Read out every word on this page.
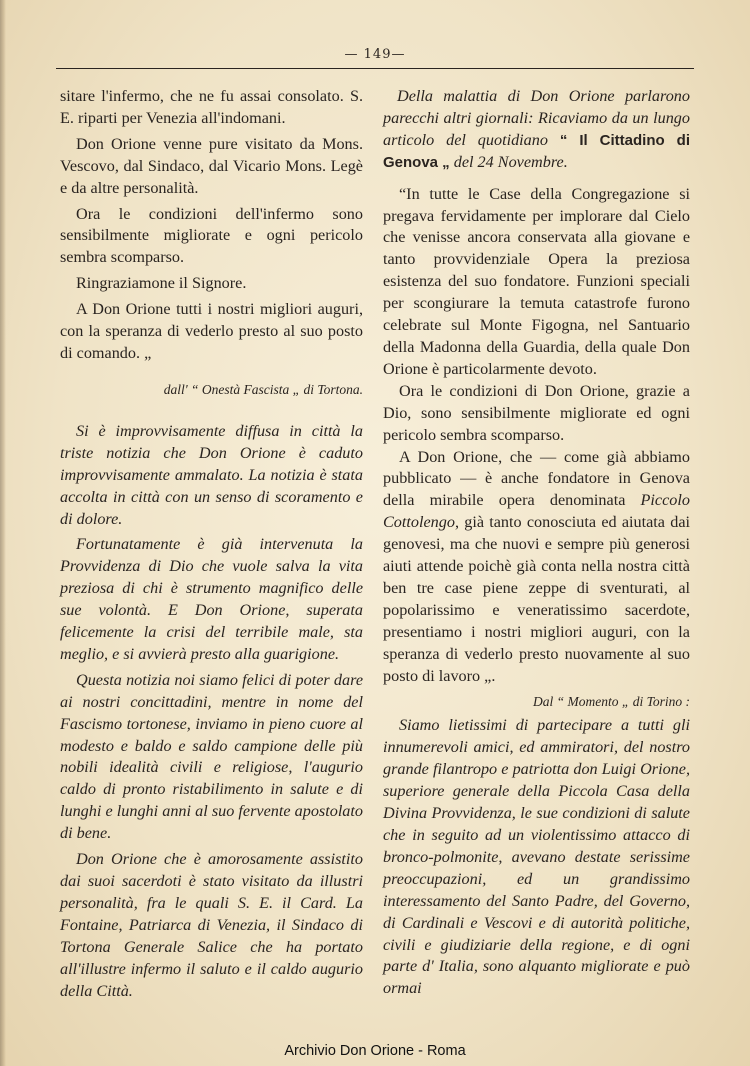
— 149—

sitare l'infermo, che ne fu assai consolato. S. E. riparti per Venezia all'indomani.

Don Orione venne pure visitato da Mons. Vescovo, dal Sindaco, dal Vicario Mons. Legè e da altre personalità.

Ora le condizioni dell'infermo sono sensibilmente migliorate e ogni pericolo sembra scomparso.

Ringraziamone il Signore.

A Don Orione tutti i nostri migliori auguri, con la speranza di vederlo presto al suo posto di comando. „

dall' “ Onestà Fascista „ di Tortona.

Si è improvvisamente diffusa in città la triste notizia che Don Orione è caduto improvvisamente ammalato. La notizia è stata accolta in città con un senso di scoramento e di dolore.

Fortunatamente è già intervenuta la Provvidenza di Dio che vuole salva la vita preziosa di chi è strumento magnifico delle sue volontà. E Don Orione, superata felicemente la crisi del terribile male, sta meglio, e si avvierà presto alla guarigione.

Questa notizia noi siamo felici di poter dare ai nostri concittadini, mentre in nome del Fascismo tortonese, inviamo in pieno cuore al modesto e baldo e saldo campione delle più nobili idealità civili e religiose, l'augurio caldo di pronto ristabilimento in salute e di lunghi e lunghi anni al suo fervente apostolato di bene.

Don Orione che è amorosamente assistito dai suoi sacerdoti è stato visitato da illustri personalità, fra le quali S. E. il Card. La Fontaine, Patriarca di Venezia, il Sindaco di Tortona Generale Salice che ha portato all'illustre infermo il saluto e il caldo augurio della Città.

Della malattia di Don Orione parlarono parecchi altri giornali: Ricaviamo da un lungo articolo del quotidiano “ Il Cittadino di Genova „ del 24 Novembre.

“In tutte le Case della Congregazione si pregava fervidamente per implorare dal Cielo che venisse ancora conservata alla giovane e tanto provvidenziale Opera la preziosa esistenza del suo fondatore. Funzioni speciali per scongiurare la temuta catastrofe furono celebrate sul Monte Figogna, nel Santuario della Madonna della Guardia, della quale Don Orione è particolarmente devoto.

Ora le condizioni di Don Orione, grazie a Dio, sono sensibilmente migliorate ed ogni pericolo sembra scomparso.

A Don Orione, che — come già abbiamo pubblicato — è anche fondatore in Genova della mirabile opera denominata Piccolo Cottolengo, già tanto conosciuta ed aiutata dai genovesi, ma che nuovi e sempre più generosi aiuti attende poichè già conta nella nostra città ben tre case piene zeppe di sventurati, al popolarissimo e veneratissimo sacerdote, presentiamo i nostri migliori auguri, con la speranza di vederlo presto nuovamente al suo posto di lavoro „.

Dal “ Momento „ di Torino :

Siamo lietissimi di partecipare a tutti gli innumerevoli amici, ed ammiratori, del nostro grande filantropo e patriotta don Luigi Orione, superiore generale della Piccola Casa della Divina Provvidenza, le sue condizioni di salute che in seguito ad un violentissimo attacco di bronco-polmonite, avevano destate serissime preoccupazioni, ed un grandissimo interessamento del Santo Padre, del Governo, di Cardinali e Vescovi e di autorità politiche, civili e giudiziarie della regione, e di ogni parte d' Italia, sono alquanto migliorate e può ormai

Archivio Don Orione - Roma
